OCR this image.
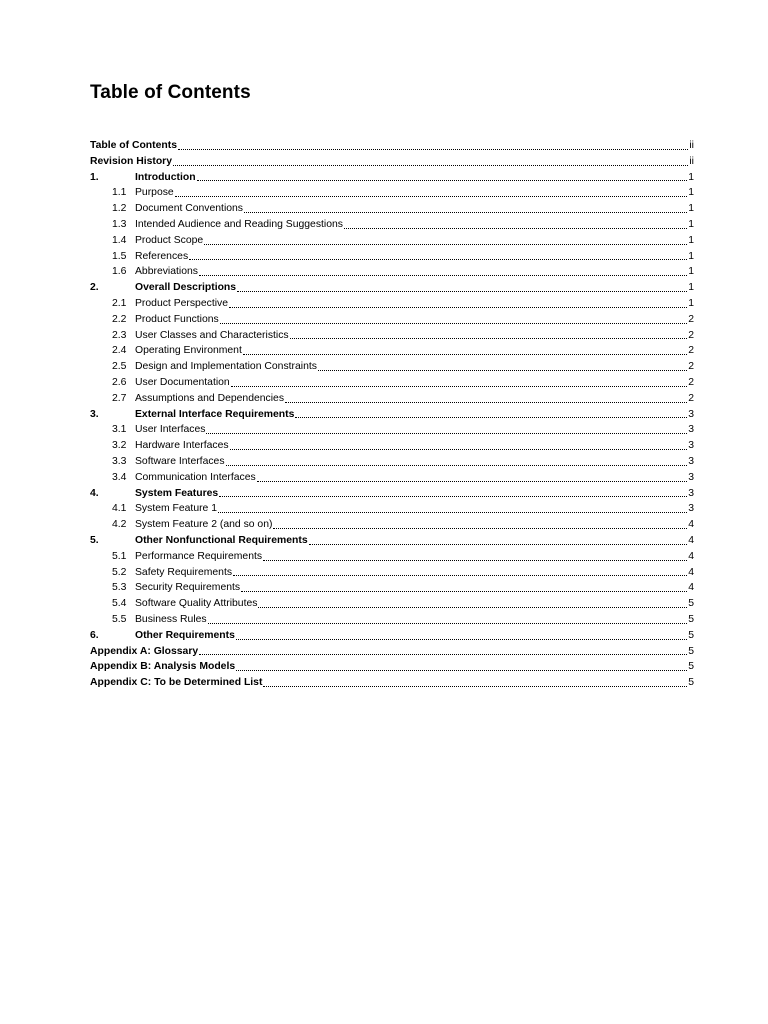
Table of Contents
Table of Contents	ii
Revision History	ii
1.	Introduction	1
1.1 Purpose	1
1.2 Document Conventions	1
1.3 Intended Audience and Reading Suggestions	1
1.4 Product Scope	1
1.5 References	1
1.6 Abbreviations	1
2.	Overall Descriptions	1
2.1 Product Perspective	1
2.2 Product Functions	2
2.3 User Classes and Characteristics	2
2.4 Operating Environment	2
2.5 Design and Implementation Constraints	2
2.6 User Documentation	2
2.7 Assumptions and Dependencies	2
3.	External Interface Requirements	3
3.1 User Interfaces	3
3.2 Hardware Interfaces	3
3.3 Software Interfaces	3
3.4 Communication Interfaces	3
4.	System Features	3
4.1 System Feature 1	3
4.2 System Feature 2 (and so on)	4
5.	Other Nonfunctional Requirements	4
5.1 Performance Requirements	4
5.2 Safety Requirements	4
5.3 Security Requirements	4
5.4 Software Quality Attributes	5
5.5 Business Rules	5
6.	Other Requirements	5
Appendix A: Glossary	5
Appendix B: Analysis Models	5
Appendix C: To be Determined List	5
